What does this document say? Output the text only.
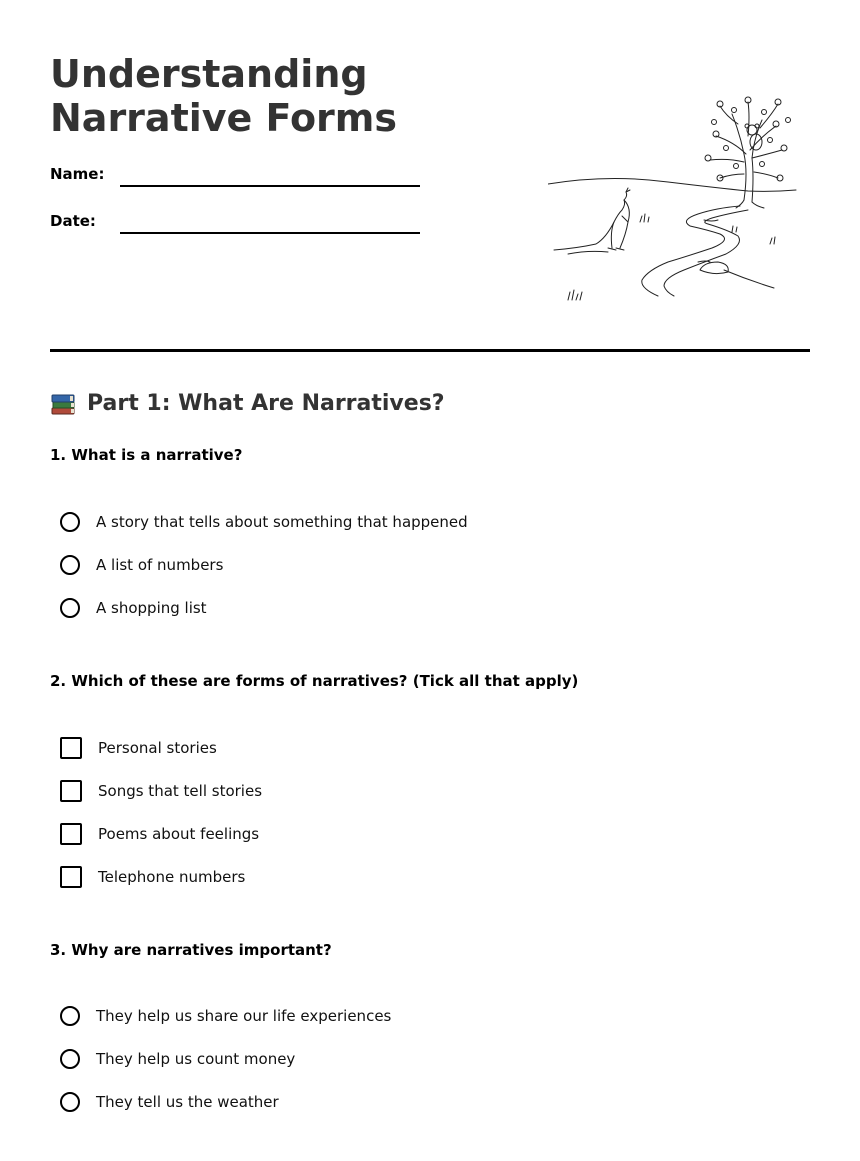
Understanding
Narrative Forms
Name:
Date:
Part 1: What Are Narratives?
1. What is a narrative?
A story that tells about something that happened
A list of numbers
A shopping list
2. Which of these are forms of narratives? (Tick all that apply)
Personal stories
Songs that tell stories
Poems about feelings
Telephone numbers
3. Why are narratives important?
They help us share our life experiences
They help us count money
They tell us the weather
